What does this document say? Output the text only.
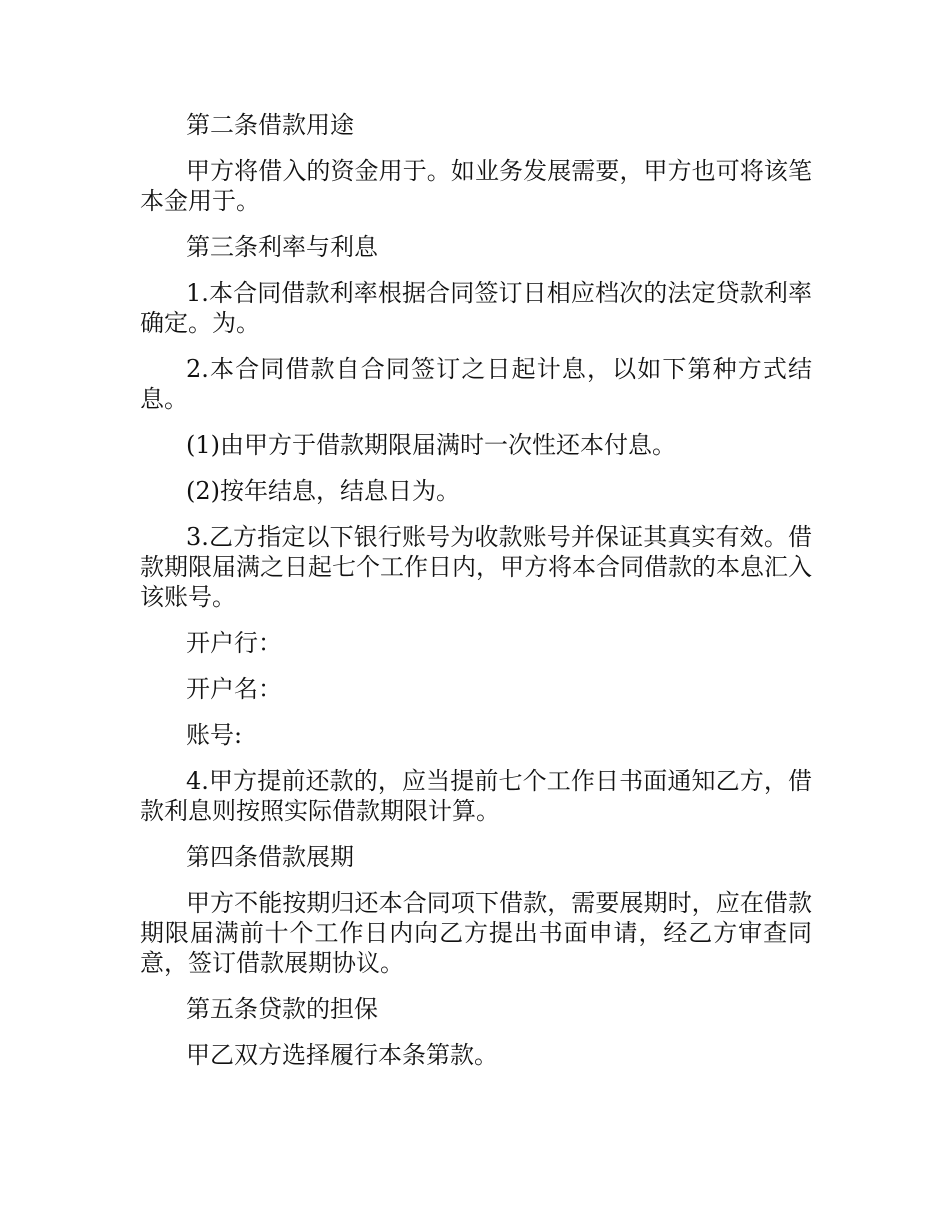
第二条借款用途

甲方将借入的资金用于。如业务发展需要，甲方也可将该笔本金用于。

第三条利率与利息

1.本合同借款利率根据合同签订日相应档次的法定贷款利率确定。为。

2.本合同借款自合同签订之日起计息，以如下第种方式结息。

(1)由甲方于借款期限届满时一次性还本付息。

(2)按年结息，结息日为。

3.乙方指定以下银行账号为收款账号并保证其真实有效。借款期限届满之日起七个工作日内，甲方将本合同借款的本息汇入该账号。

开户行：

开户名：

账号:

4.甲方提前还款的，应当提前七个工作日书面通知乙方，借款利息则按照实际借款期限计算。

第四条借款展期

甲方不能按期归还本合同项下借款，需要展期时，应在借款期限届满前十个工作日内向乙方提出书面申请，经乙方审查同意，签订借款展期协议。

第五条贷款的担保

甲乙双方选择履行本条第款。
